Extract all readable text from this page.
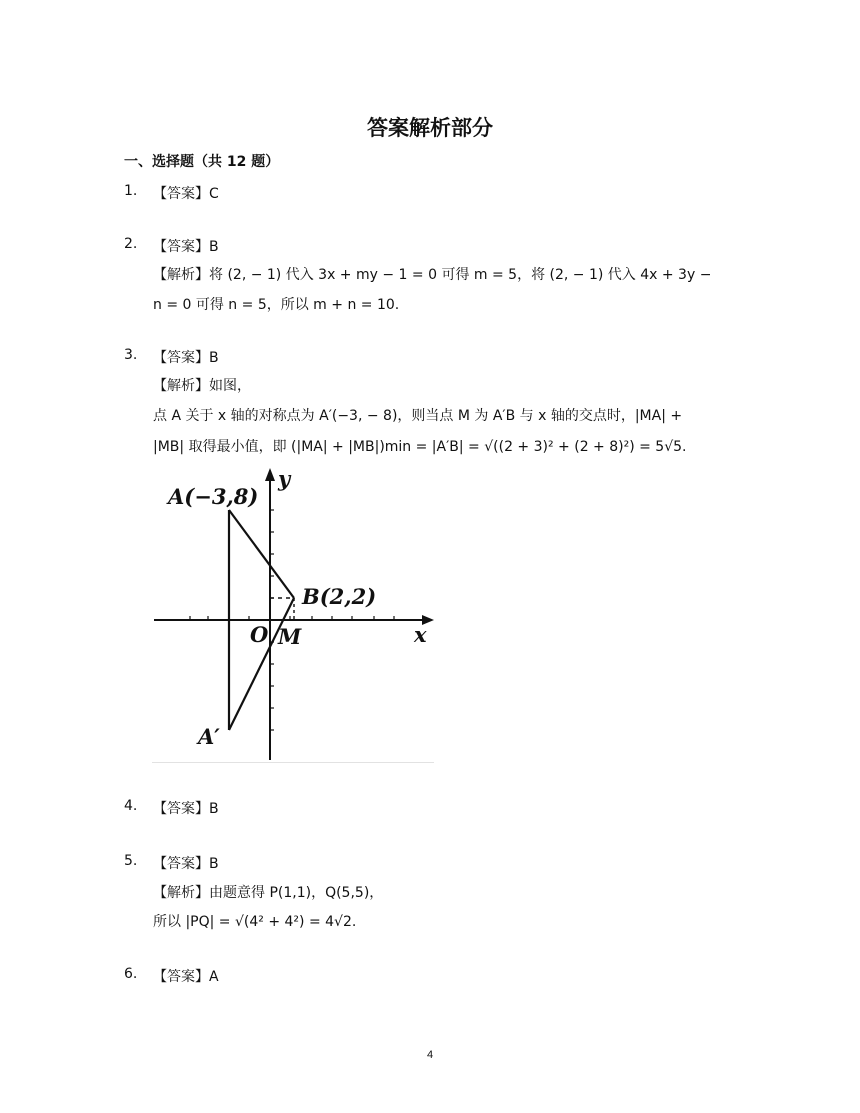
答案解析部分
一、选择题（共 12 题）
1. 【答案】C
2. 【答案】B
【解析】将 (2, − 1) 代入 3x + my − 1 = 0 可得 m = 5，将 (2, − 1) 代入 4x + 3y −
n = 0 可得 n = 5，所以 m + n = 10.
3. 【答案】B
【解析】如图，
点 A 关于 x 轴的对称点为 A′(−3, − 8)，则当点 M 为 A′B 与 x 轴的交点时，|MA| +
|MB| 取得最小值，即 (|MA| + |MB|)min = |A′B| = √((2 + 3)² + (2 + 8)²) = 5√5.
A(−3,8)
B(2,2)
O M
A′
x
y
4. 【答案】B
5. 【答案】B
【解析】由题意得 P(1,1)，Q(5,5)，
所以 |PQ| = √(4² + 4²) = 4√2.
6. 【答案】A
4
